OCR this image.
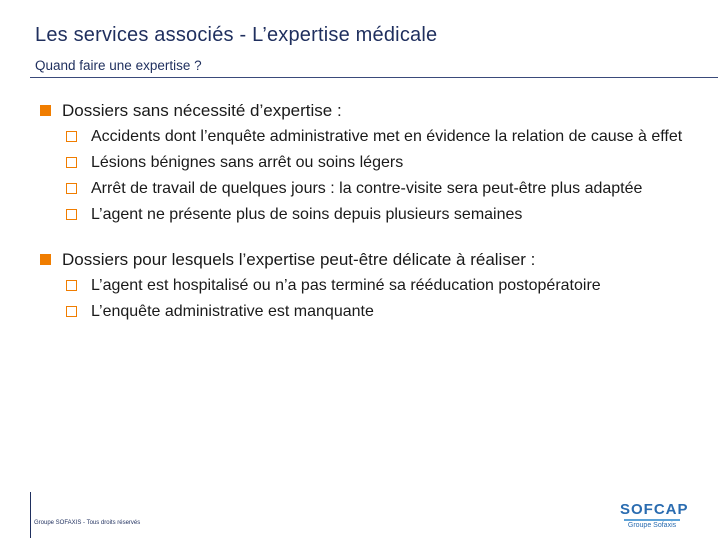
Les services associés - L’expertise médicale
Quand faire une expertise ?
Dossiers sans nécessité d’expertise :
Accidents dont l’enquête administrative met en évidence la relation de cause à effet
Lésions bénignes sans arrêt ou soins légers
Arrêt de travail de quelques jours : la contre-visite sera peut-être plus adaptée
L’agent ne présente plus de soins depuis plusieurs semaines
Dossiers pour lesquels l’expertise peut-être délicate à réaliser :
L’agent est hospitalisé ou n’a pas terminé sa rééducation postopératoire
L’enquête administrative est manquante
Groupe SOFAXIS - Tous droits réservés
SOFCAP
Groupe Sofaxis
